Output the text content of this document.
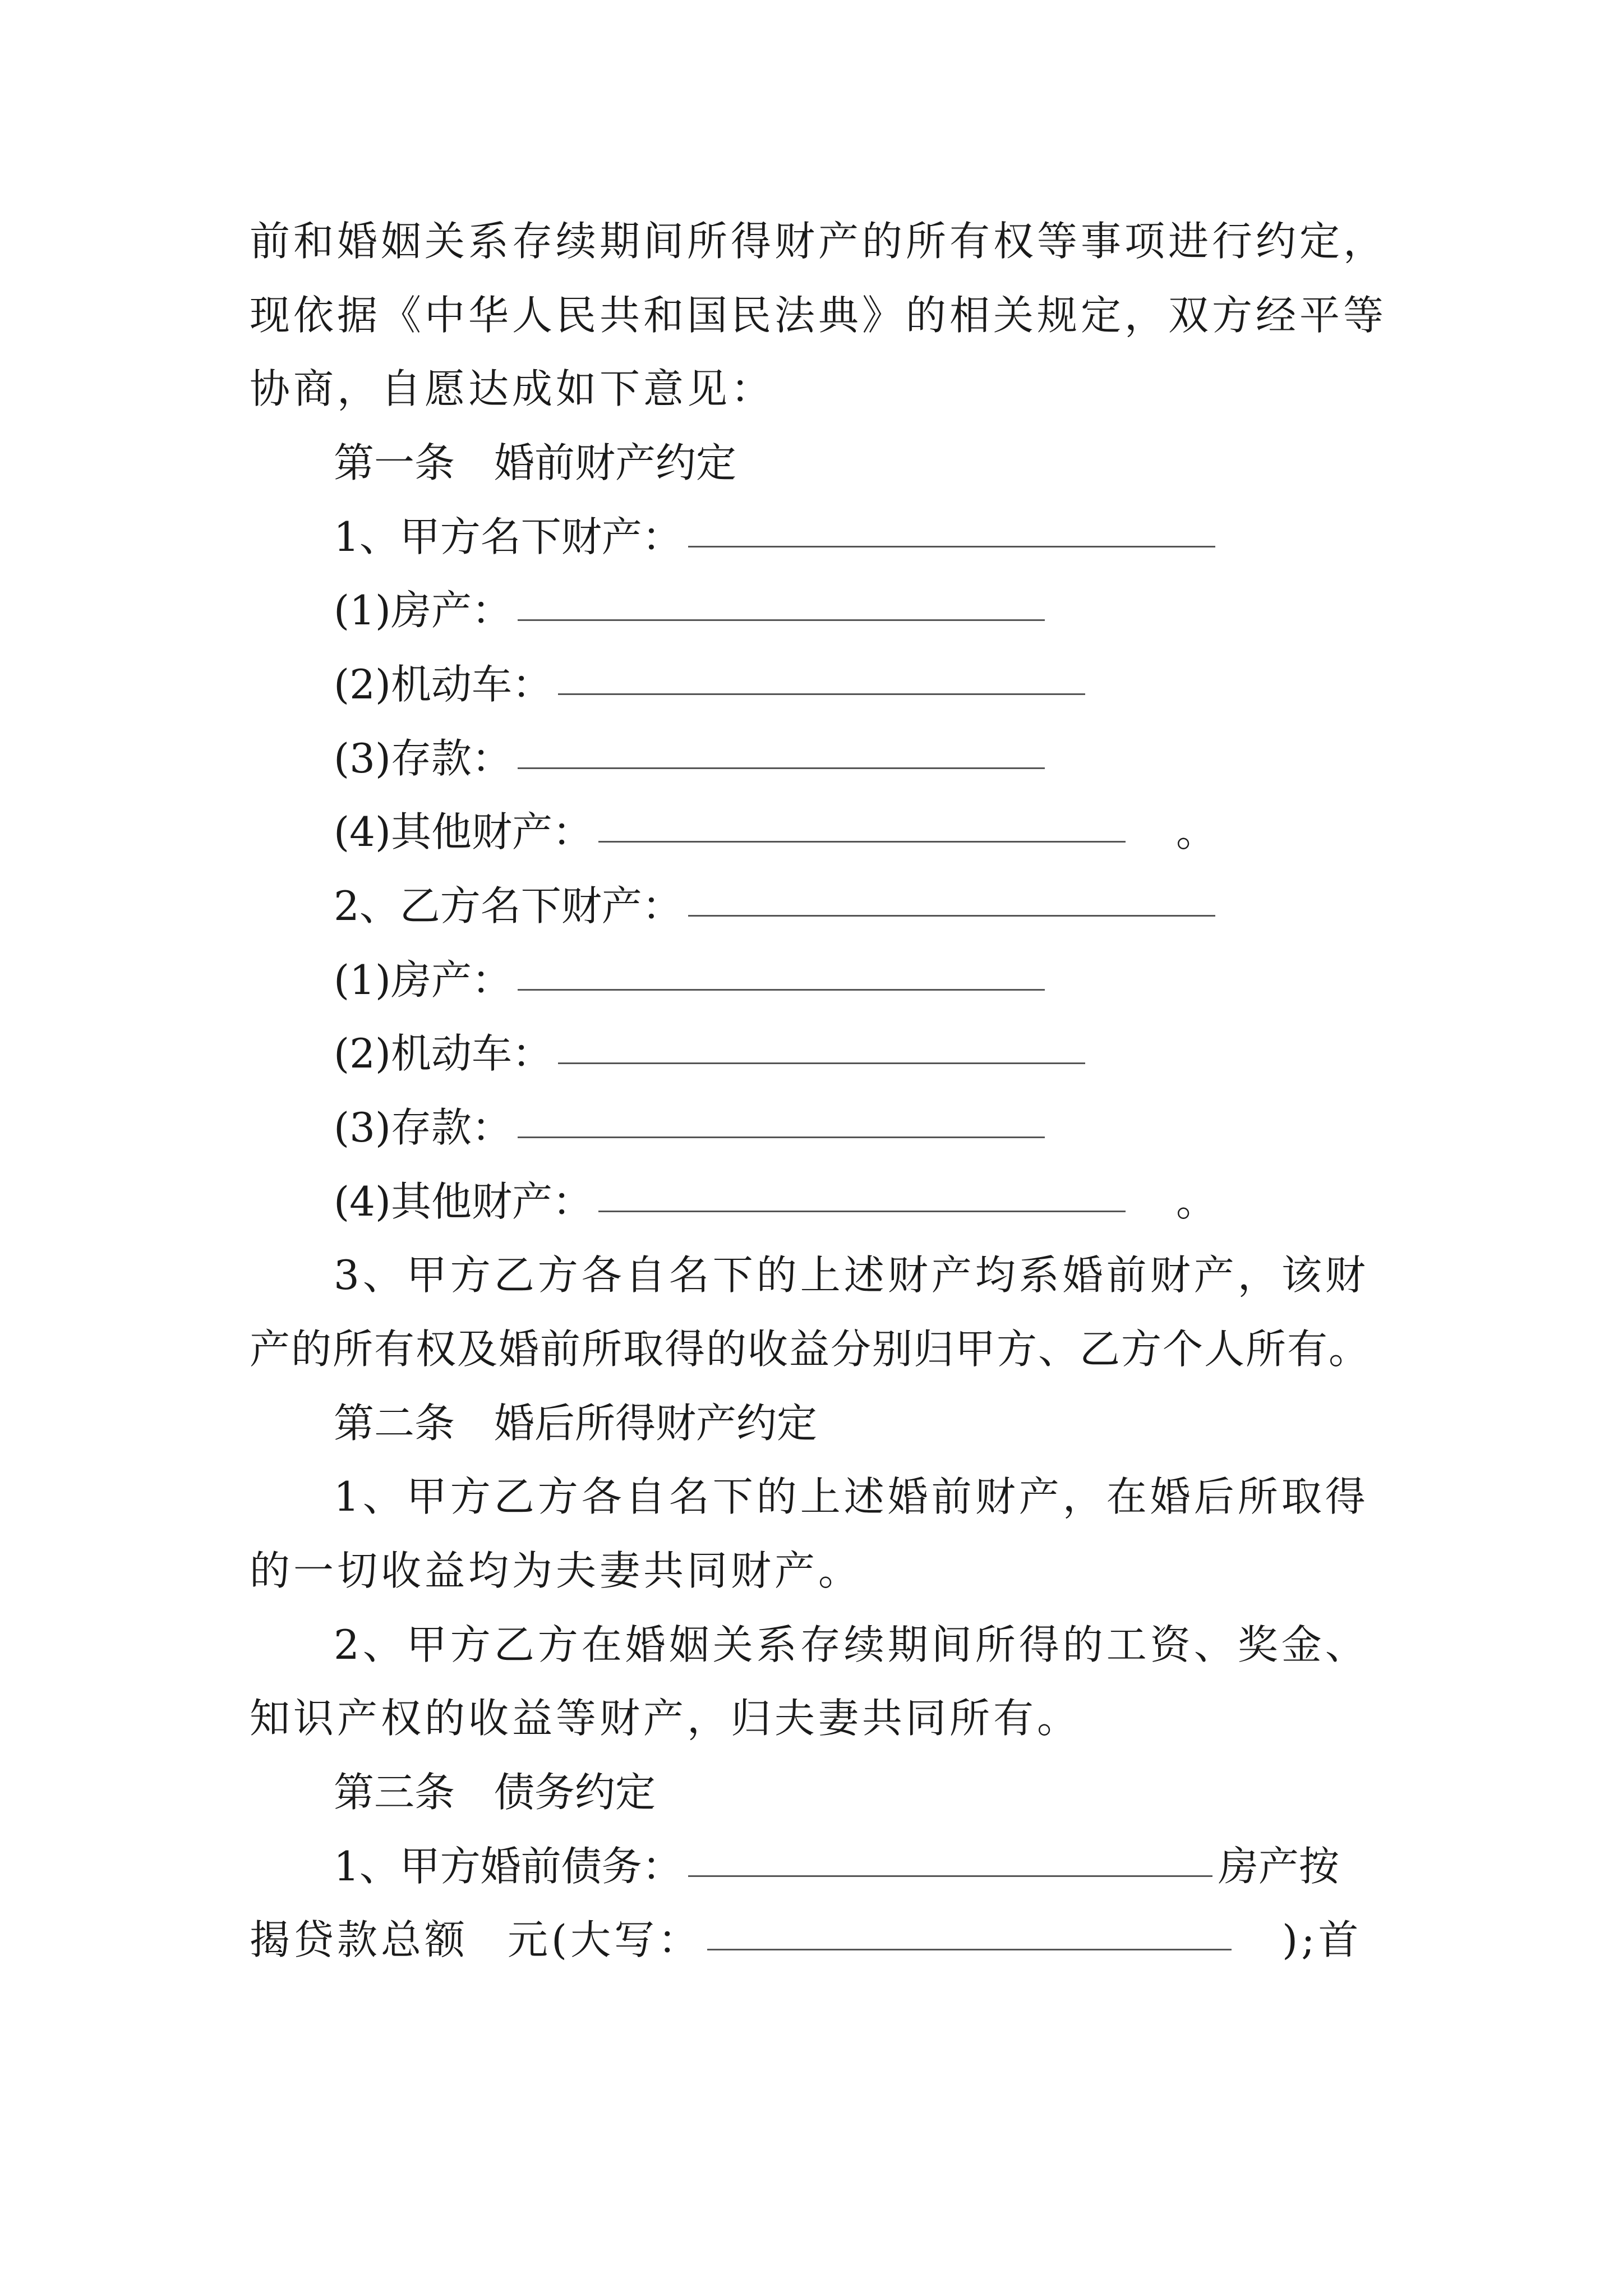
前和婚姻关系存续期间所得财产的所有权等事项进行约定，
现依据《中华人民共和国民法典》的相关规定，双方经平等
协商，自愿达成如下意见：
第一条 婚前财产约定
1、甲方名下财产：
(1)房产：
(2)机动车：
(3)存款：
(4)其他财产：	。
2、乙方名下财产：
(1)房产：
(2)机动车：
(3)存款：
(4)其他财产：	。
3、甲方乙方各自名下的上述财产均系婚前财产，该财
产的所有权及婚前所取得的收益分别归甲方、乙方个人所有。
第二条 婚后所得财产约定
1、甲方乙方各自名下的上述婚前财产，在婚后所取得
的一切收益均为夫妻共同财产。
2、甲方乙方在婚姻关系存续期间所得的工资、奖金、
知识产权的收益等财产，归夫妻共同所有。
第三条 债务约定
1、甲方婚前债务：	房产按
揭贷款总额 元(大写：	);首
